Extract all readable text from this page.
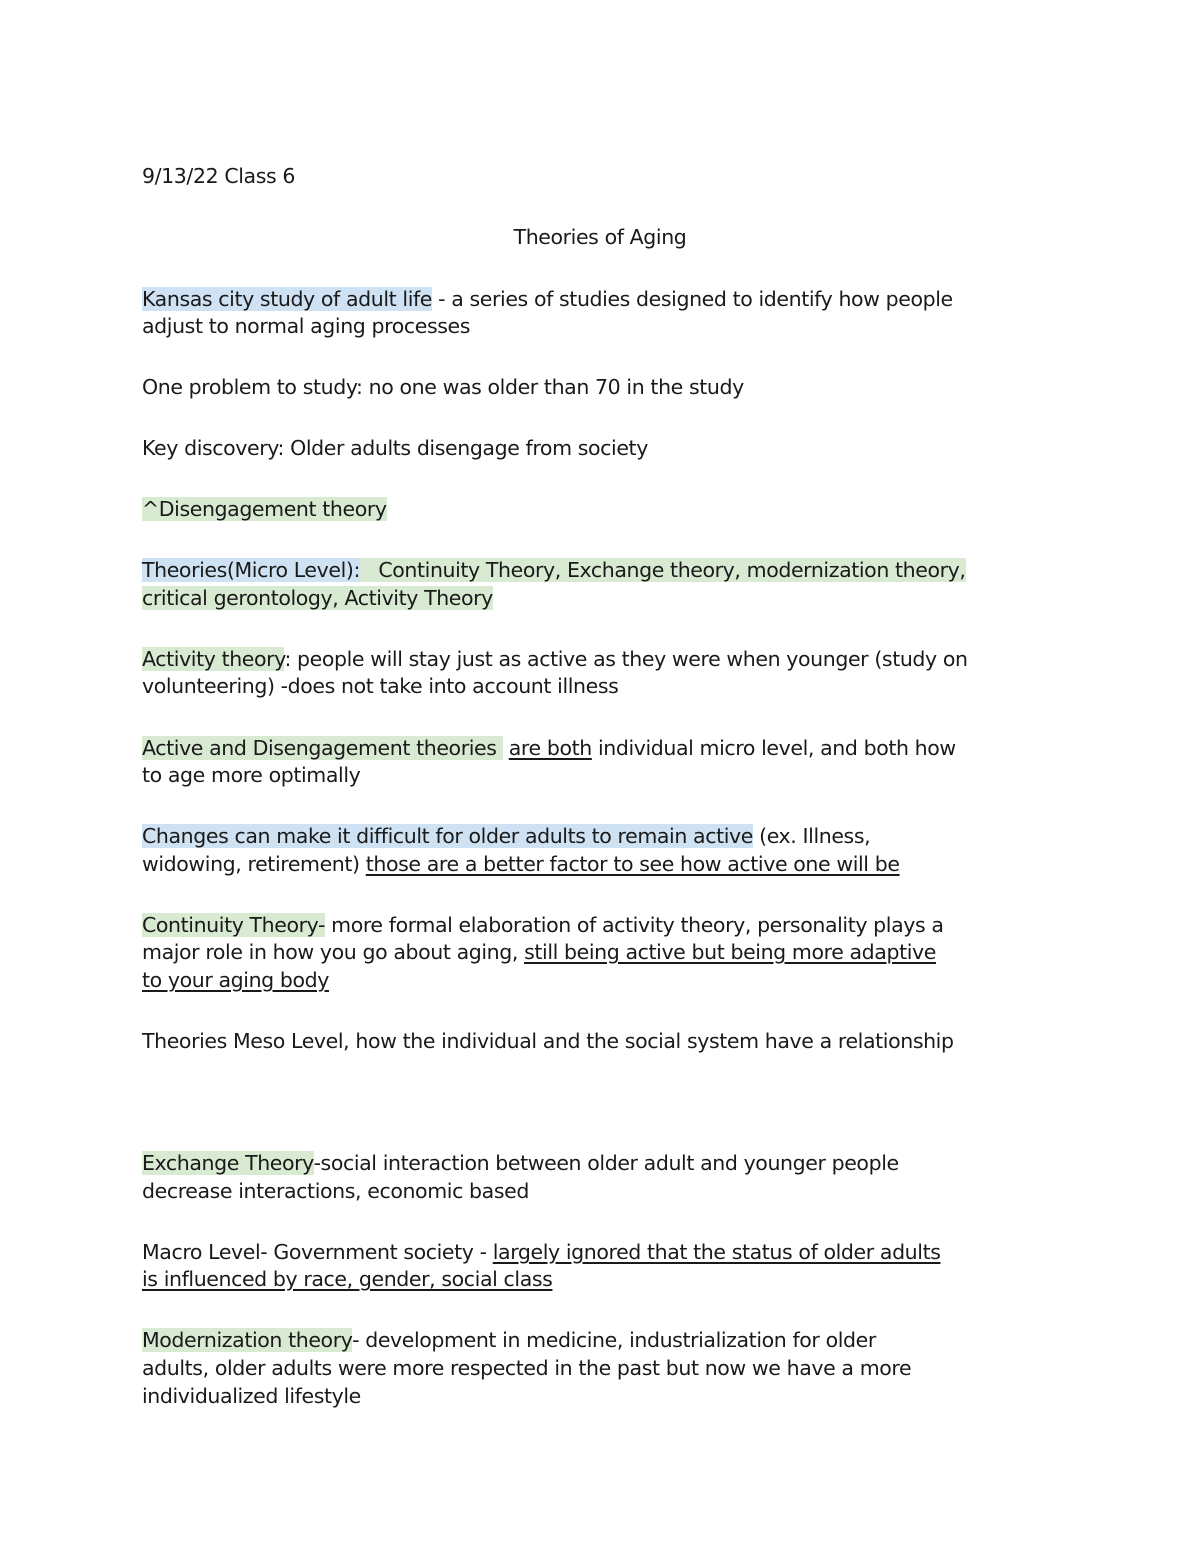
9/13/22 Class 6

Theories of Aging

Kansas city study of adult life - a series of studies designed to identify how people

adjust to normal aging processes

One problem to study: no one was older than 70 in the study

Key discovery: Older adults disengage from society

^Disengagement theory

Theories(Micro Level): Continuity Theory, Exchange theory, modernization theory,

critical gerontology, Activity Theory

Activity theory: people will stay just as active as they were when younger (study on

volunteering) -does not take into account illness

Active and Disengagement theories  are both individual micro level, and both how

to age more optimally

Changes can make it difficult for older adults to remain active (ex. Illness,

widowing, retirement) those are a better factor to see how active one will be

Continuity Theory- more formal elaboration of activity theory, personality plays a

major role in how you go about aging, still being active but being more adaptive

to your aging body

Theories Meso Level, how the individual and the social system have a relationship

Exchange Theory-social interaction between older adult and younger people

decrease interactions, economic based

Macro Level- Government society - largely ignored that the status of older adults

is influenced by race, gender, social class

Modernization theory- development in medicine, industrialization for older

adults, older adults were more respected in the past but now we have a more

individualized lifestyle
